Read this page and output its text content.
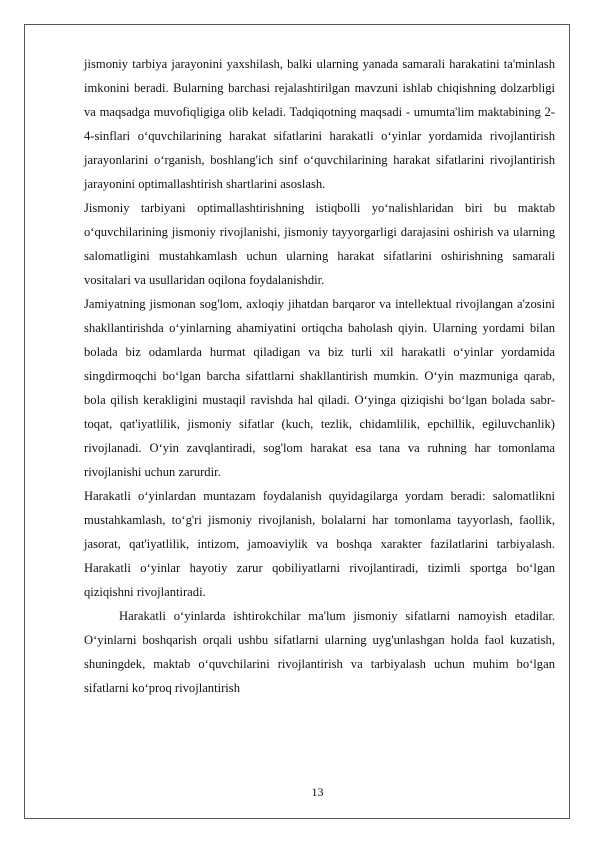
jismoniy tarbiya jarayonini yaxshilash, balki ularning yanada samarali harakatini ta'minlash imkonini beradi. Bularning barchasi rejalashtirilgan mavzuni ishlab chiqishning dolzarbligi va maqsadga muvofiqligiga olib keladi. Tadqiqotning maqsadi - umumta'lim maktabining 2-4-sinflari o‘quvchilarining harakat sifatlarini harakatli o‘yinlar yordamida rivojlantirish jarayonlarini o‘rganish, boshlang'ich sinf o‘quvchilarining harakat sifatlarini rivojlantirish jarayonini optimallashtirish shartlarini asoslash.

Jismoniy tarbiyani optimallashtirishning istiqbolli yo‘nalishlaridan biri bu maktab o‘quvchilarining jismoniy rivojlanishi, jismoniy tayyorgarligi darajasini oshirish va ularning salomatligini mustahkamlash uchun ularning harakat sifatlarini oshirishning samarali vositalari va usullaridan oqilona foydalanishdir.

Jamiyatning jismonan sog'lom, axloqiy jihatdan barqaror va intellektual rivojlangan a'zosini shakllantirishda o‘yinlarning ahamiyatini ortiqcha baholash qiyin. Ularning yordami bilan bolada biz odamlarda hurmat qiladigan va biz turli xil harakatli o‘yinlar yordamida singdirmoqchi bo‘lgan barcha sifattlarni shakllantirish mumkin. O‘yin mazmuniga qarab, bola qilish kerakligini mustaqil ravishda hal qiladi. O‘yinga qiziqishi bo‘lgan bolada sabr- toqat, qat'iyatlilik, jismoniy sifatlar (kuch, tezlik, chidamlilik, epchillik, egiluvchanlik) rivojlanadi. O‘yin zavqlantiradi, sog'lom harakat esa tana va ruhning har tomonlama rivojlanishi uchun zarurdir.

Harakatli o‘yinlardan muntazam foydalanish quyidagilarga yordam beradi: salomatlikni mustahkamlash, to‘g'ri jismoniy rivojlanish, bolalarni har tomonlama tayyorlash, faollik, jasorat, qat'iyatlilik, intizom, jamoaviylik va boshqa xarakter fazilatlarini tarbiyalash. Harakatli o‘yinlar hayotiy zarur qobiliyatlarni rivojlantiradi, tizimli sportga bo‘lgan qiziqishni rivojlantiradi.

Harakatli o‘yinlarda ishtirokchilar ma'lum jismoniy sifatlarni namoyish etadilar. O‘yinlarni boshqarish orqali ushbu sifatlarni ularning uyg'unlashgan holda faol kuzatish, shuningdek, maktab o‘quvchilarini rivojlantirish va tarbiyalash uchun muhim bo‘lgan sifatlarni ko‘proq rivojlantirish

13
